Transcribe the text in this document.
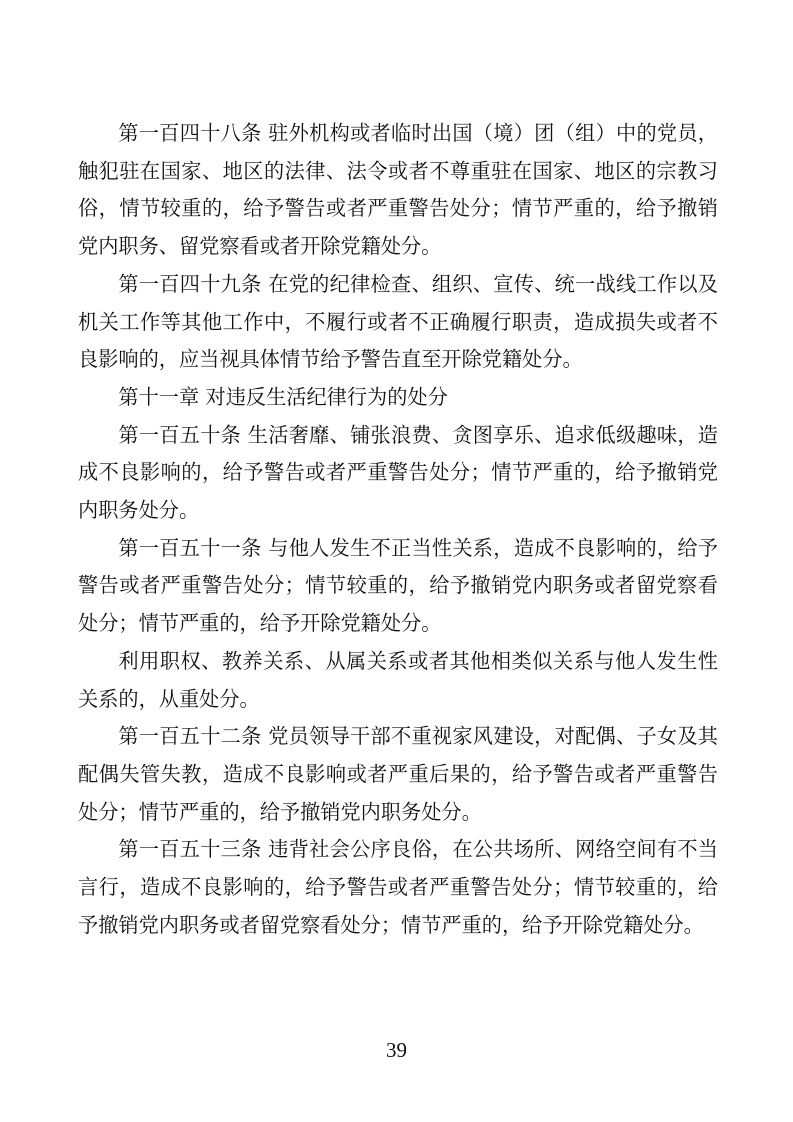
第一百四十八条 驻外机构或者临时出国（境）团（组）中的党员，触犯驻在国家、地区的法律、法令或者不尊重驻在国家、地区的宗教习俗，情节较重的，给予警告或者严重警告处分；情节严重的，给予撤销党内职务、留党察看或者开除党籍处分。

第一百四十九条 在党的纪律检查、组织、宣传、统一战线工作以及机关工作等其他工作中，不履行或者不正确履行职责，造成损失或者不良影响的，应当视具体情节给予警告直至开除党籍处分。

第十一章 对违反生活纪律行为的处分

第一百五十条 生活奢靡、铺张浪费、贪图享乐、追求低级趣味，造成不良影响的，给予警告或者严重警告处分；情节严重的，给予撤销党内职务处分。

第一百五十一条 与他人发生不正当性关系，造成不良影响的，给予警告或者严重警告处分；情节较重的，给予撤销党内职务或者留党察看处分；情节严重的，给予开除党籍处分。

利用职权、教养关系、从属关系或者其他相类似关系与他人发生性关系的，从重处分。

第一百五十二条 党员领导干部不重视家风建设，对配偶、子女及其配偶失管失教，造成不良影响或者严重后果的，给予警告或者严重警告处分；情节严重的，给予撤销党内职务处分。

第一百五十三条 违背社会公序良俗，在公共场所、网络空间有不当言行，造成不良影响的，给予警告或者严重警告处分；情节较重的，给予撤销党内职务或者留党察看处分；情节严重的，给予开除党籍处分。

39
